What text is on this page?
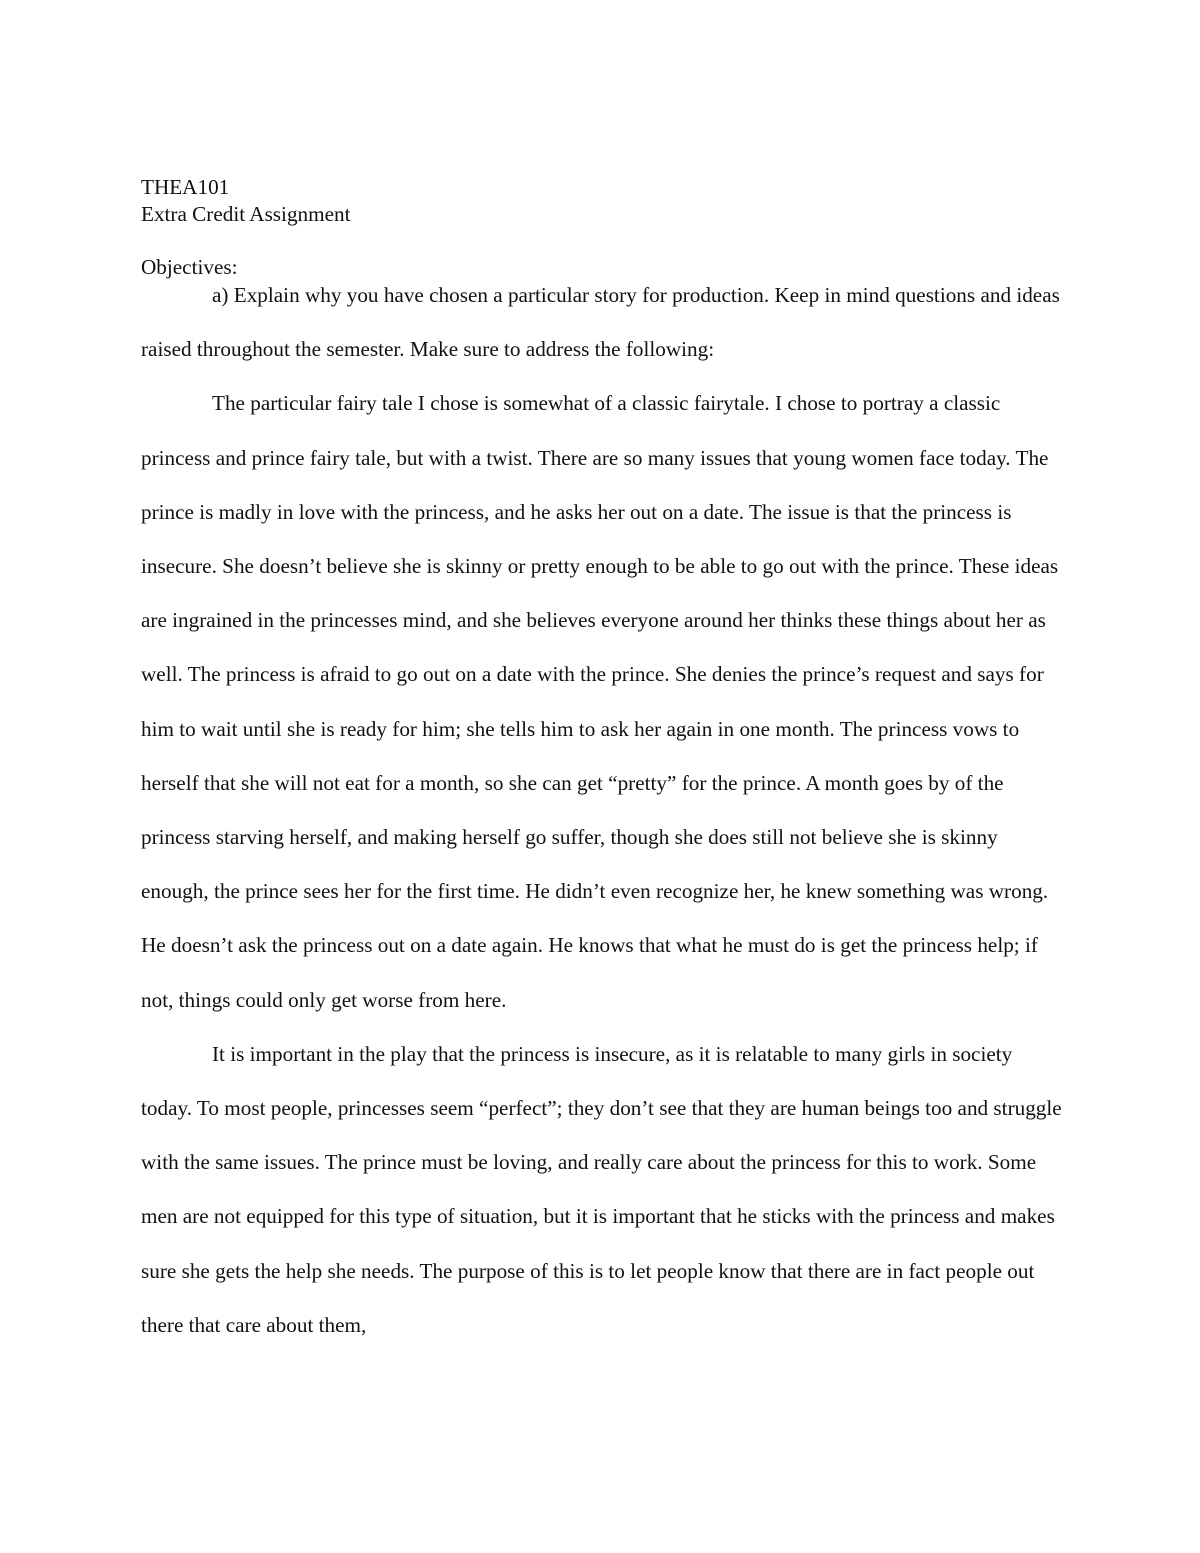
THEA101

Extra Credit Assignment

Objectives:

a) Explain why you have chosen a particular story for production. Keep in mind questions and ideas raised throughout the semester. Make sure to address the following:

The particular fairy tale I chose is somewhat of a classic fairytale. I chose to portray a classic princess and prince fairy tale, but with a twist. There are so many issues that young women face today. The prince is madly in love with the princess, and he asks her out on a date. The issue is that the princess is insecure. She doesn’t believe she is skinny or pretty enough to be able to go out with the prince. These ideas are ingrained in the princesses mind, and she believes everyone around her thinks these things about her as well. The princess is afraid to go out on a date with the prince. She denies the prince’s request and says for him to wait until she is ready for him; she tells him to ask her again in one month. The princess vows to herself that she will not eat for a month, so she can get “pretty” for the prince. A month goes by of the princess starving herself, and making herself go suffer, though she does still not believe she is skinny enough, the prince sees her for the first time. He didn’t even recognize her, he knew something was wrong. He doesn’t ask the princess out on a date again. He knows that what he must do is get the princess help; if not, things could only get worse from here.

It is important in the play that the princess is insecure, as it is relatable to many girls in society today. To most people, princesses seem “perfect”; they don’t see that they are human beings too and struggle with the same issues. The prince must be loving, and really care about the princess for this to work. Some men are not equipped for this type of situation, but it is important that he sticks with the princess and makes sure she gets the help she needs. The purpose of this is to let people know that there are in fact people out there that care about them,
